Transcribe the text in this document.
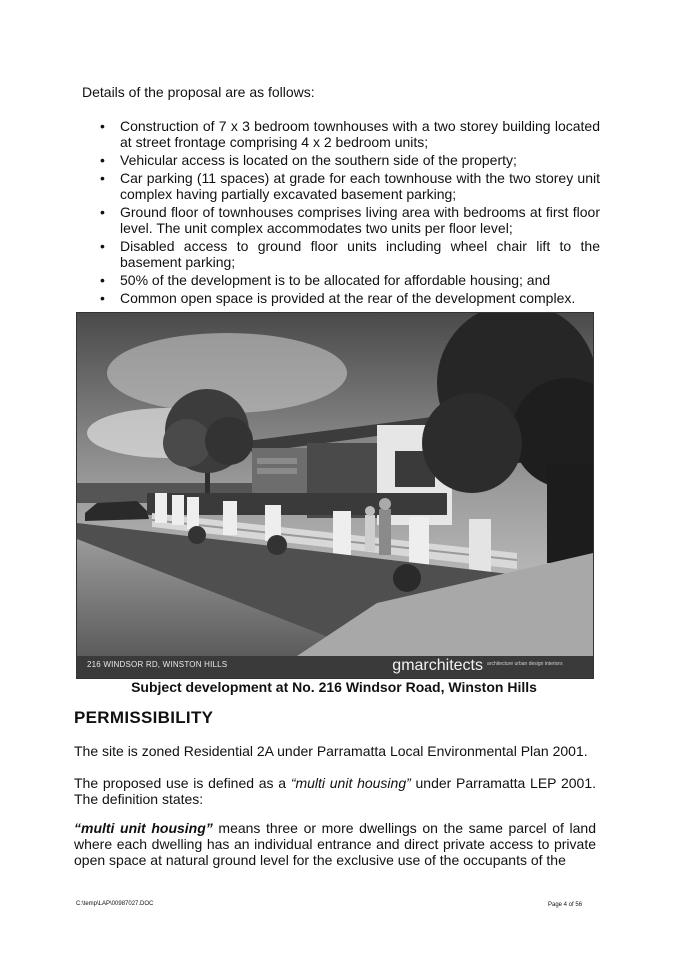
Details of the proposal are as follows:
• Construction of 7 x 3 bedroom townhouses with a two storey building located at street frontage comprising 4 x 2 bedroom units;
• Vehicular access is located on the southern side of the property;
• Car parking (11 spaces) at grade for each townhouse with the two storey unit complex having partially excavated basement parking;
• Ground floor of townhouses comprises living area with bedrooms at first floor level. The unit complex accommodates two units per floor level;
• Disabled access to ground floor units including wheel chair lift to the basement parking;
• 50% of the development is to be allocated for affordable housing; and
• Common open space is provided at the rear of the development complex.
216 WINDSOR RD, WINSTON HILLS	gmarchitects architecture urban design interiors
Subject development at No. 216 Windsor Road, Winston Hills
PERMISSIBILITY

The site is zoned Residential 2A under Parramatta Local Environmental Plan 2001.

The proposed use is defined as a “multi unit housing” under Parramatta LEP 2001. The definition states:

“multi unit housing” means three or more dwellings on the same parcel of land where each dwelling has an individual entrance and direct private access to private open space at natural ground level for the exclusive use of the occupants of the

C:\temp\LAP\00987027.DOC	Page 4 of 56
